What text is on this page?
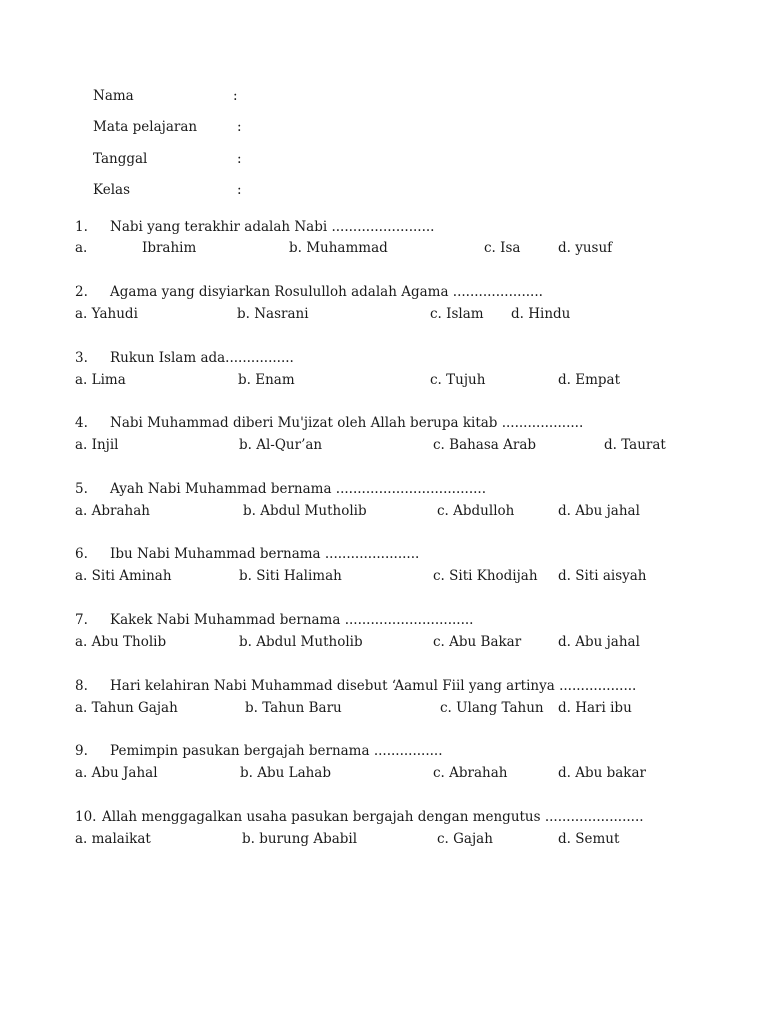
Nama	:
Mata pelajaran	:
Tanggal	:
Kelas	:
1. Nabi yang terakhir adalah Nabi ........................
a.	Ibrahim	b. Muhammad	c. Isa	d. yusuf
2. Agama yang disyiarkan Rosululloh adalah Agama .....................
a. Yahudi	b. Nasrani	c. Islam d. Hindu
3. Rukun Islam ada................
a. Lima	b. Enam	c. Tujuh	d. Empat
4. Nabi Muhammad diberi Mu'jizat oleh Allah berupa kitab ...................
a. Injil	b. Al-Qur’an	c. Bahasa Arab	d. Taurat
5. Ayah Nabi Muhammad bernama ...................................
a. Abrahah	b. Abdul Mutholib	c. Abdulloh	d. Abu jahal
6. Ibu Nabi Muhammad bernama ......................
a. Siti Aminah	b. Siti Halimah	c. Siti Khodijah d. Siti aisyah
7. Kakek Nabi Muhammad bernama ..............................
a. Abu Tholib	b. Abdul Mutholib	c. Abu Bakar	d. Abu jahal
8. Hari kelahiran Nabi Muhammad disebut ‘Aamul Fiil yang artinya ..................
a. Tahun Gajah	b. Tahun Baru	c. Ulang Tahun d. Hari ibu
9. Pemimpin pasukan bergajah bernama ................
a. Abu Jahal	b. Abu Lahab	c. Abrahah	d. Abu bakar
10. Allah menggagalkan usaha pasukan bergajah dengan mengutus .......................
a. malaikat	b. burung Ababil	c. Gajah	d. Semut
